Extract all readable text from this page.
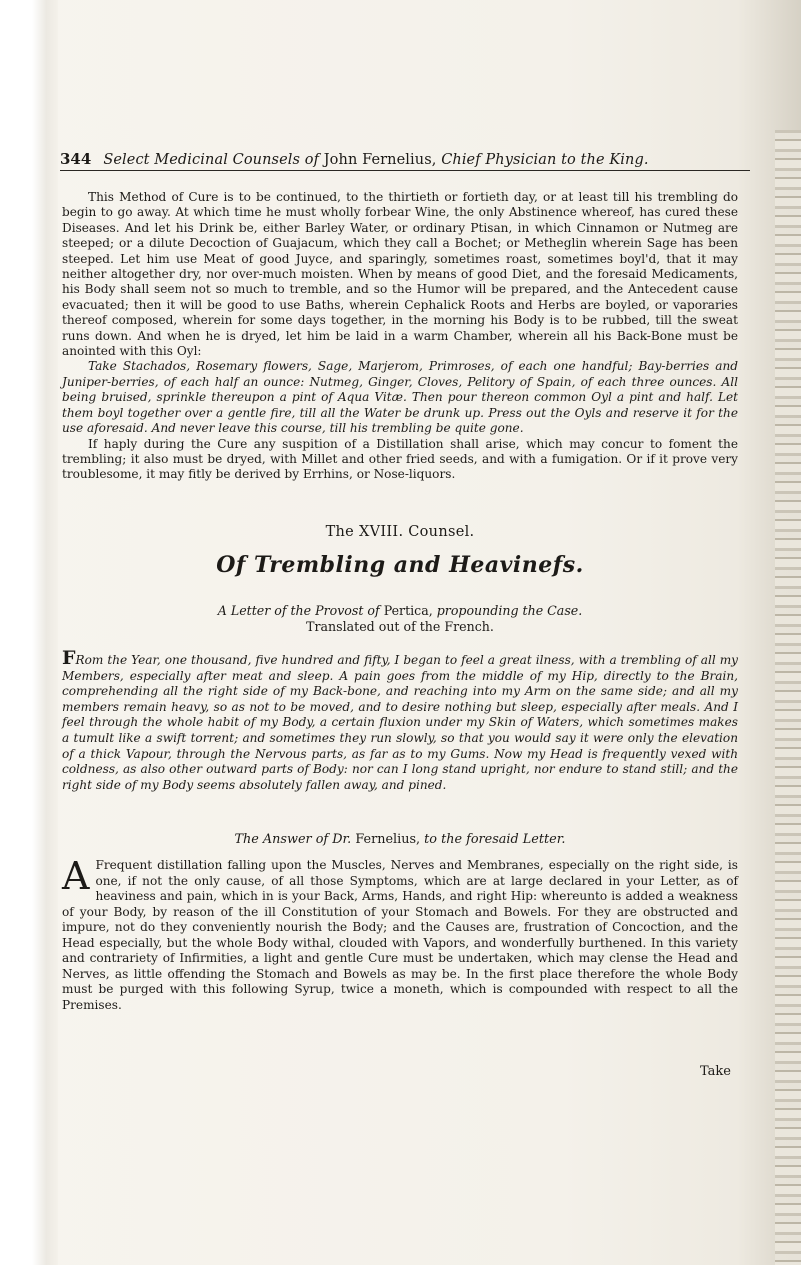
344 Select Medicinal Counsels of John Fernelius, Chief Physician to the King.

This Method of Cure is to be continued, to the thirtieth or fortieth day, or at least till his trembling do begin to go away. At which time he must wholly forbear Wine, the only Abstinence whereof, has cured these Diseases. And let his Drink be, either Barley Water, or ordinary Ptisan, in which Cinnamon or Nutmeg are steeped; or a dilute Decoction of Guajacum, which they call a Bochet; or Metheglin wherein Sage has been steeped. Let him use Meat of good Juyce, and sparingly, sometimes roast, sometimes boyl'd, that it may neither altogether dry, nor over-much moisten. When by means of good Diet, and the foresaid Medicaments, his Body shall seem not so much to tremble, and so the Humor will be prepared, and the Antecedent cause evacuated; then it will be good to use Baths, wherein Cephalick Roots and Herbs are boyled, or vaporaries thereof composed, wherein for some days together, in the morning his Body is to be rubbed, till the sweat runs down. And when he is dryed, let him be laid in a warm Chamber, wherein all his Back-Bone must be anointed with this Oyl:

Take Stachados, Rosemary flowers, Sage, Marjerom, Primroses, of each one handful; Bay-berries and Juniper-berries, of each half an ounce: Nutmeg, Ginger, Cloves, Pelitory of Spain, of each three ounces. All being bruised, sprinkle thereupon a pint of Aqua Vitæ. Then pour thereon common Oyl a pint and half. Let them boyl together over a gentle fire, till all the Water be drunk up. Press out the Oyls and reserve it for the use aforesaid. And never leave this course, till his trembling be quite gone.

If haply during the Cure any suspition of a Distillation shall arise, which may concur to foment the trembling; it also must be dryed, with Millet and other fried seeds, and with a fumigation. Or if it prove very troublesome, it may fitly be derived by Errhins, or Nose-liquors.

The XVIII. Counsel.
Of Trembling and Heavinefs.
A Letter of the Provost of Pertica, propounding the Case.
Translated out of the French.

FRom the Year, one thousand, five hundred and fifty, I began to feel a great ilness, with a trembling of all my Members, especially after meat and sleep. A pain goes from the middle of my Hip, directly to the Brain, comprehending all the right side of my Back-bone, and reaching into my Arm on the same side; and all my members remain heavy, so as not to be moved, and to desire nothing but sleep, especially after meals. And I feel through the whole habit of my Body, a certain fluxion under my Skin of Waters, which sometimes makes a tumult like a swift torrent; and sometimes they run slowly, so that you would say it were only the elevation of a thick Vapour, through the Nervous parts, as far as to my Gums. Now my Head is frequently vexed with coldness, as also other outward parts of Body: nor can I long stand upright, nor endure to stand still; and the right side of my Body seems absolutely fallen away, and pined.

The Answer of Dr. Fernelius, to the foresaid Letter.
A Frequent distillation falling upon the Muscles, Nerves and Membranes, especially on the right side, is one, if not the only cause, of all those Symptoms, which are at large declared in your Letter, as of heaviness and pain, which in is your Back, Arms, Hands, and right Hip: whereunto is added a weakness of your Body, by reason of the ill Constitution of your Stomach and Bowels. For they are obstructed and impure, not do they conveniently nourish the Body; and the Causes are, frustration of Concoction, and the Head especially, but the whole Body withal, clouded with Vapors, and wonderfully burthened. In this variety and contrariety of Infirmities, a light and gentle Cure must be undertaken, which may clense the Head and Nerves, as little offending the Stomach and Bowels as may be. In the first place therefore the whole Body must be purged with this following Syrup, twice a moneth, which is compounded with respect to all the Premises.

Take
